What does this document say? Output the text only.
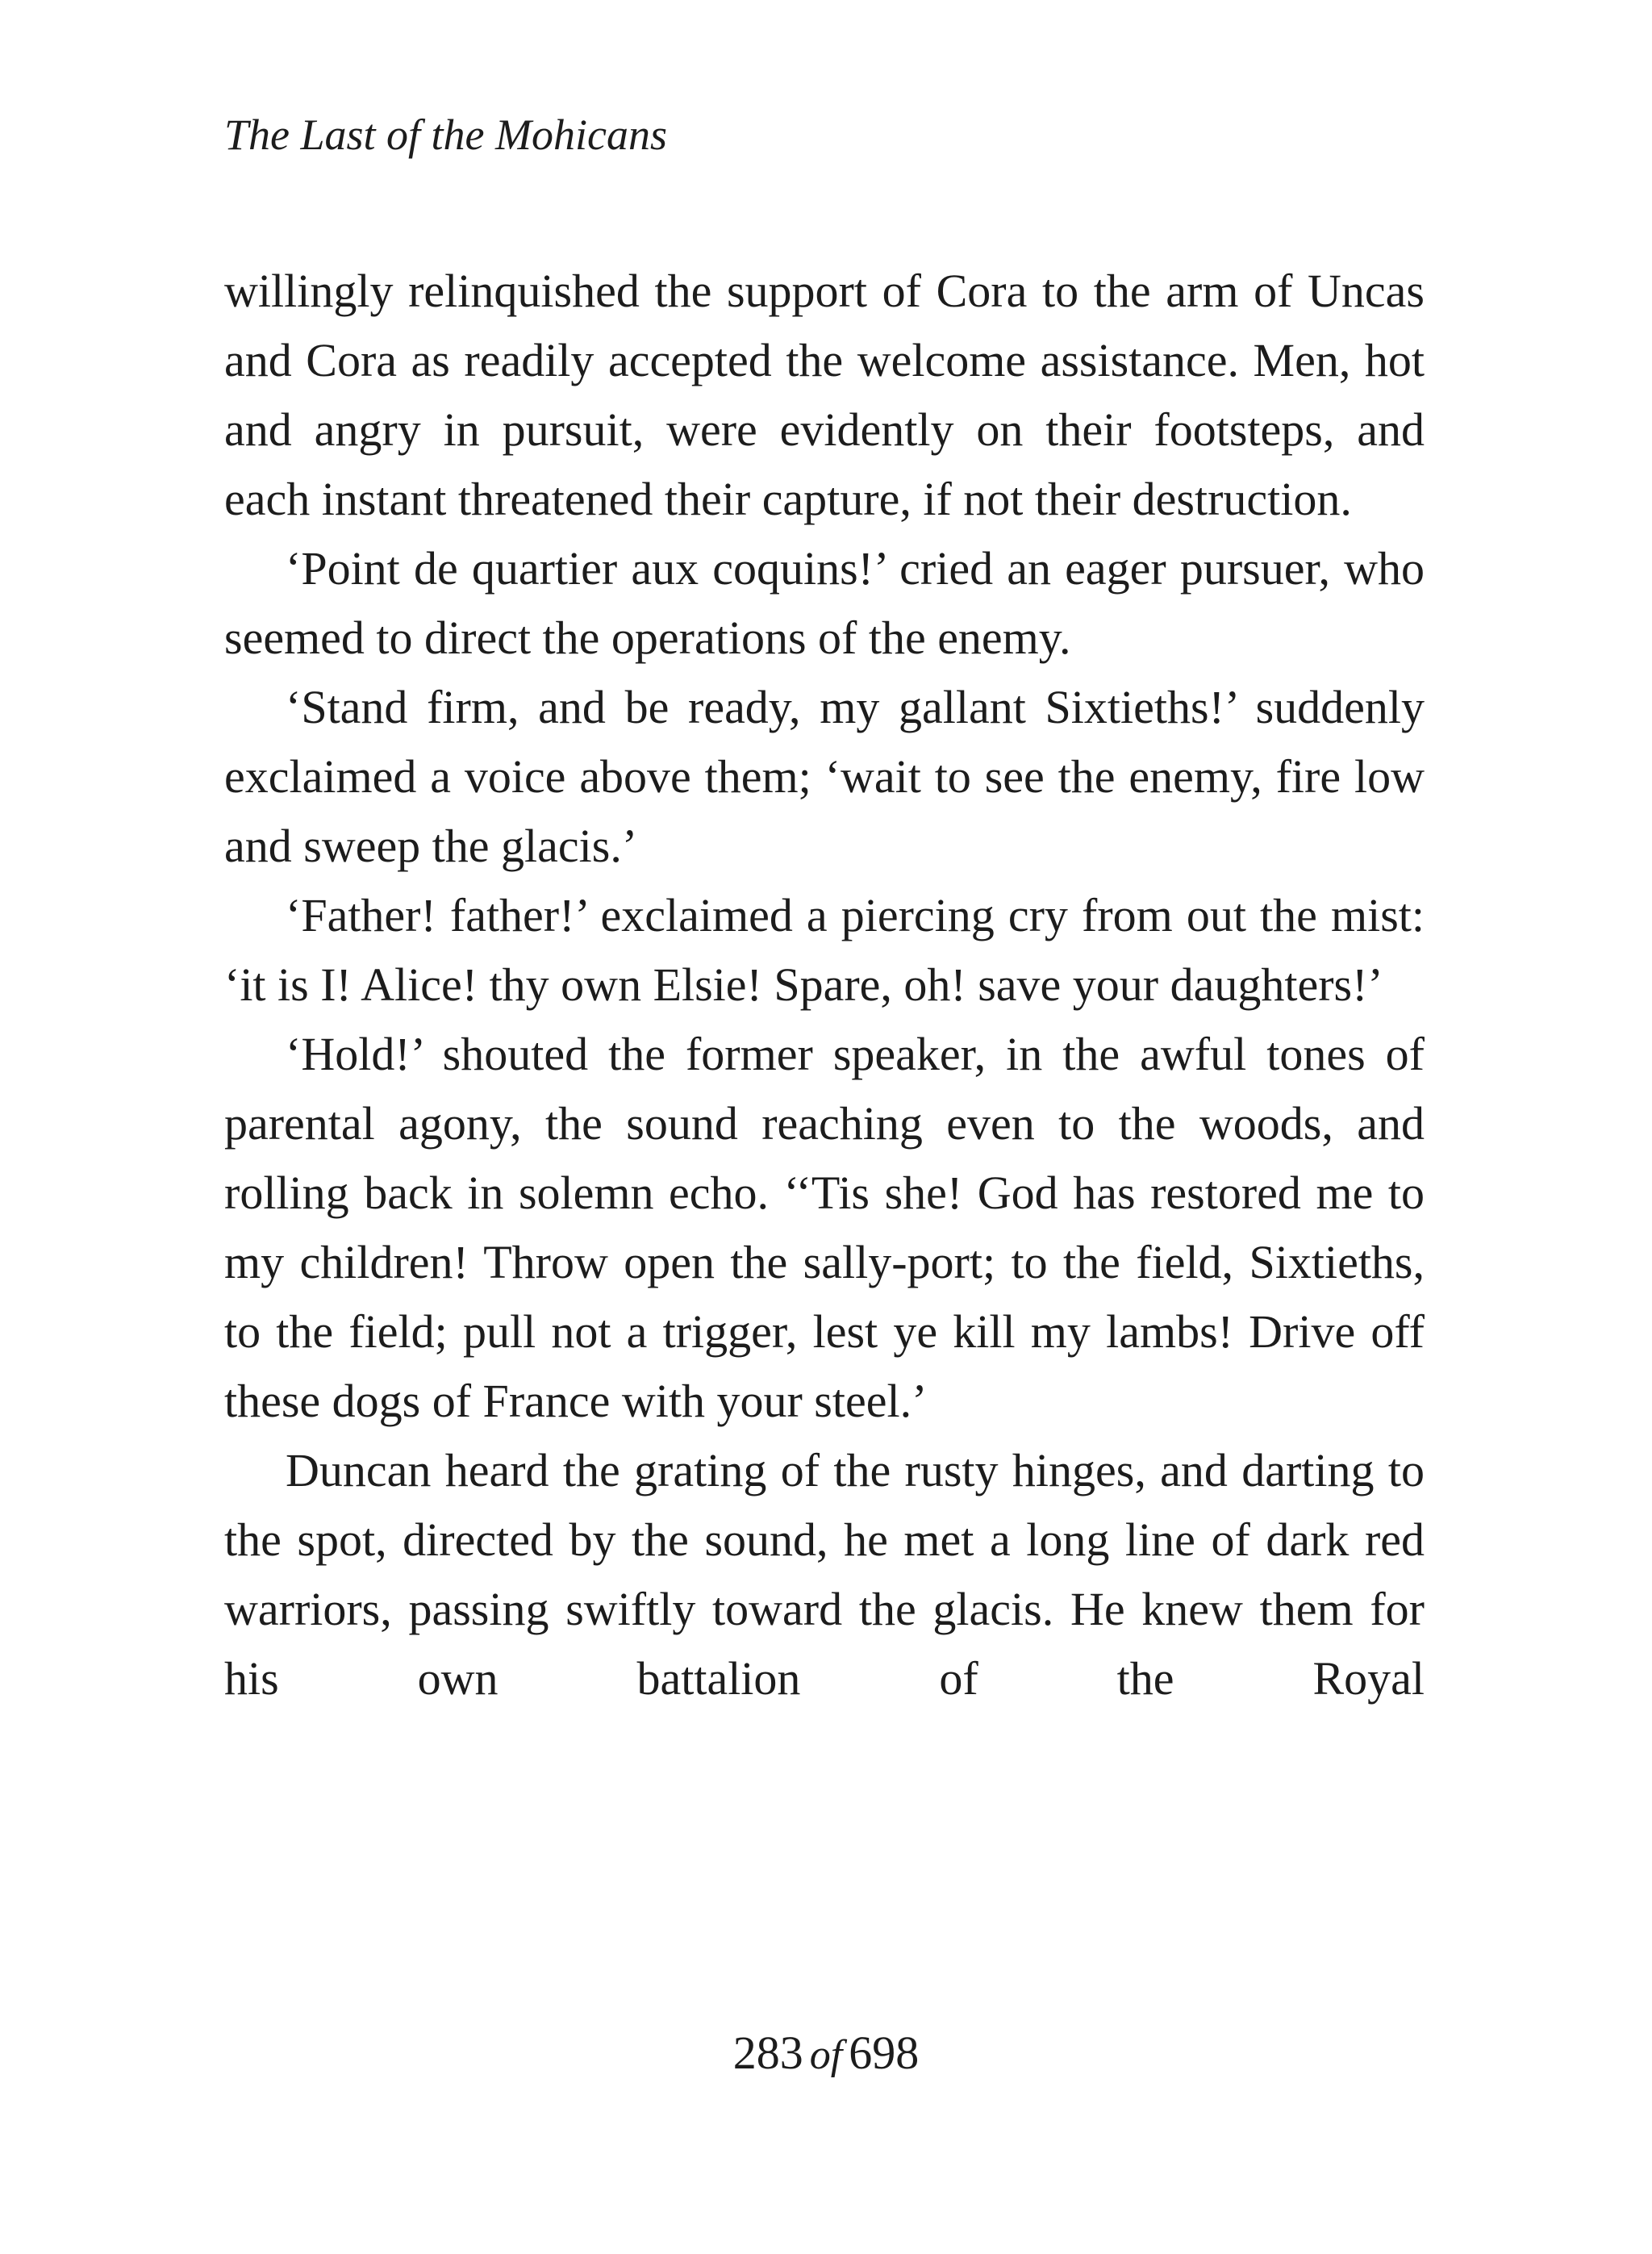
The Last of the Mohicans

willingly relinquished the support of Cora to the arm of Uncas and Cora as readily accepted the welcome assistance. Men, hot and angry in pursuit, were evidently on their footsteps, and each instant threatened their capture, if not their destruction.

‘Point de quartier aux coquins!’ cried an eager pursuer, who seemed to direct the operations of the enemy.

‘Stand firm, and be ready, my gallant Sixtieths!’ suddenly exclaimed a voice above them; ‘wait to see the enemy, fire low and sweep the glacis.’

‘Father! father!’ exclaimed a piercing cry from out the mist: ‘it is I! Alice! thy own Elsie! Spare, oh! save your daughters!’

‘Hold!’ shouted the former speaker, in the awful tones of parental agony, the sound reaching even to the woods, and rolling back in solemn echo. ‘‘Tis she! God has restored me to my children! Throw open the sally-port; to the field, Sixtieths, to the field; pull not a trigger, lest ye kill my lambs! Drive off these dogs of France with your steel.’

Duncan heard the grating of the rusty hinges, and darting to the spot, directed by the sound, he met a long line of dark red warriors, passing swiftly toward the glacis. He knew them for his own battalion of the Royal

283 of 698
